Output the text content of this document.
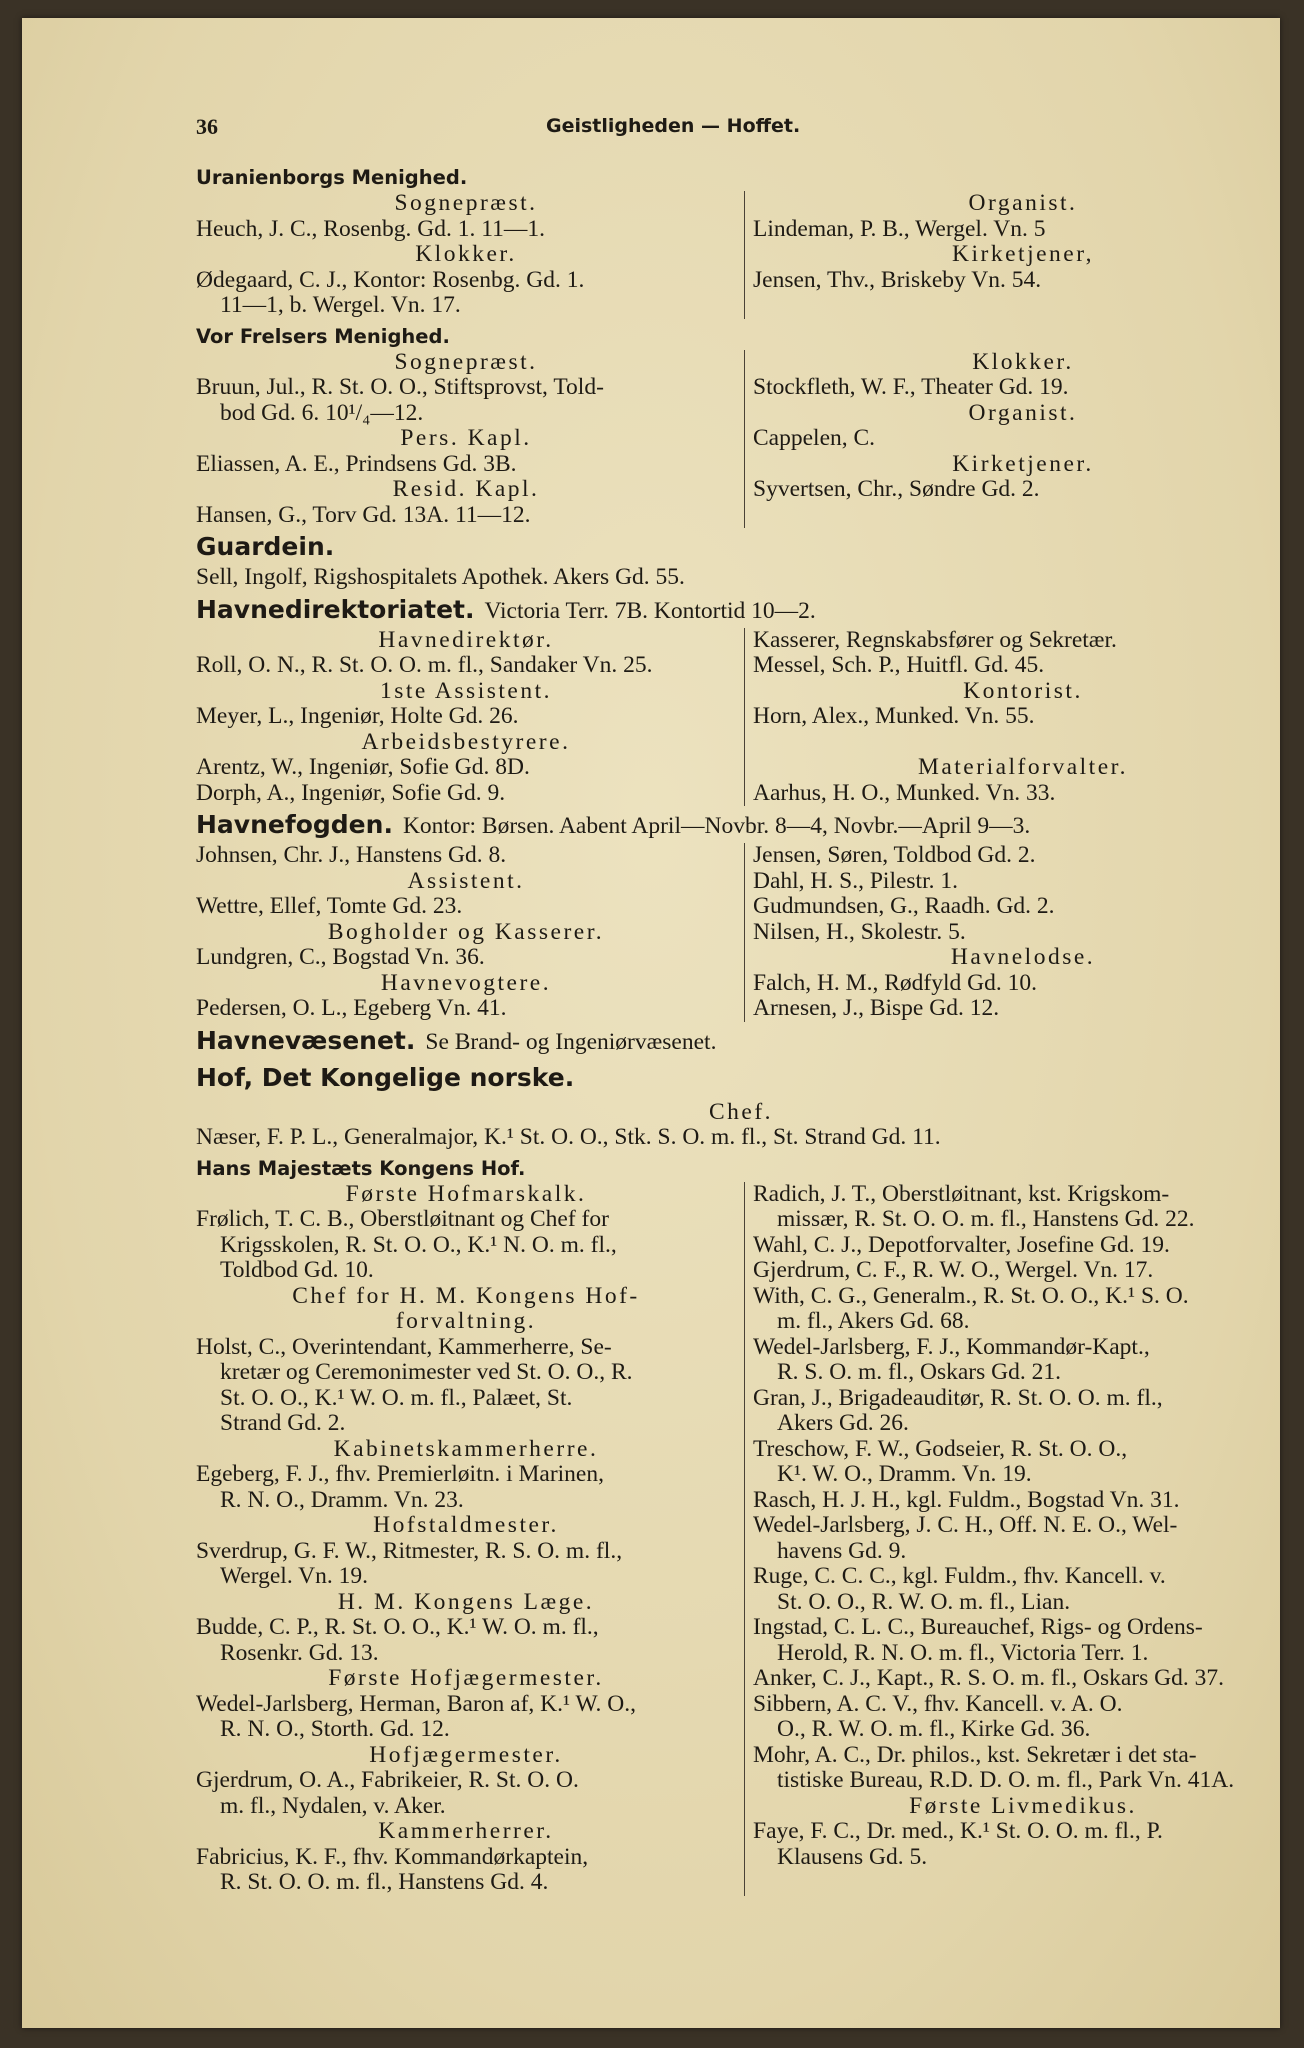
36	Geistligheden — Hoffet.
Uranienborgs Menighed.
Sognepræst.
Heuch, J. C., Rosenbg. Gd. 1. 11—1.
Klokker.
Ødegaard, C. J., Kontor: Rosenbg. Gd. 1.
11—1, b. Wergel. Vn. 17.
Organist.
Lindeman, P. B., Wergel. Vn. 5
Kirketjener,
Jensen, Thv., Briskeby Vn. 54.
Vor Frelsers Menighed.
Sognepræst.
Bruun, Jul., R. St. O. O., Stiftsprovst, Told-
bod Gd. 6. 10¹/₄—12.
Pers. Kapl.
Eliassen, A. E., Prindsens Gd. 3B.
Resid. Kapl.
Hansen, G., Torv Gd. 13A. 11—12.
Klokker.
Stockfleth, W. F., Theater Gd. 19.
Organist.
Cappelen, C.
Kirketjener.
Syvertsen, Chr., Søndre Gd. 2.
Guardein.
Sell, Ingolf, Rigshospitalets Apothek. Akers Gd. 55.
Havnedirektoriatet. Victoria Terr. 7B. Kontortid 10—2.
Havnedirektør.
Roll, O. N., R. St. O. O. m. fl., Sandaker Vn. 25.
1ste Assistent.
Meyer, L., Ingeniør, Holte Gd. 26.
Arbeidsbestyrere.
Arentz, W., Ingeniør, Sofie Gd. 8D.
Dorph, A., Ingeniør, Sofie Gd. 9.
Kasserer, Regnskabsfører og Sekretær.
Messel, Sch. P., Huitfl. Gd. 45.
Kontorist.
Horn, Alex., Munked. Vn. 55.
Materialforvalter.
Aarhus, H. O., Munked. Vn. 33.
Havnefogden. Kontor: Børsen. Aabent April—Novbr. 8—4, Novbr.—April 9—3.
Johnsen, Chr. J., Hanstens Gd. 8.
Assistent.
Wettre, Ellef, Tomte Gd. 23.
Bogholder og Kasserer.
Lundgren, C., Bogstad Vn. 36.
Havnevogtere.
Pedersen, O. L., Egeberg Vn. 41.
Jensen, Søren, Toldbod Gd. 2.
Dahl, H. S., Pilestr. 1.
Gudmundsen, G., Raadh. Gd. 2.
Nilsen, H., Skolestr. 5.
Havnelodse.
Falch, H. M., Rødfyld Gd. 10.
Arnesen, J., Bispe Gd. 12.
Havnevæsenet. Se Brand- og Ingeniørvæsenet.
Hof, Det Kongelige norske.
Chef.
Næser, F. P. L., Generalmajor, K.¹ St. O. O., Stk. S. O. m. fl., St. Strand Gd. 11.
Hans Majestæts Kongens Hof.
Første Hofmarskalk.
Frølich, T. C. B., Oberstløitnant og Chef for
Krigsskolen, R. St. O. O., K.¹ N. O. m. fl.,
Toldbod Gd. 10.
Chef for H. M. Kongens Hof-
forvaltning.
Holst, C., Overintendant, Kammerherre, Se-
kretær og Ceremonimester ved St. O. O., R.
St. O. O., K.¹ W. O. m. fl., Palæet, St.
Strand Gd. 2.
Kabinetskammerherre.
Egeberg, F. J., fhv. Premierløitn. i Marinen,
R. N. O., Dramm. Vn. 23.
Hofstaldmester.
Sverdrup, G. F. W., Ritmester, R. S. O. m. fl.,
Wergel. Vn. 19.
H. M. Kongens Læge.
Budde, C. P., R. St. O. O., K.¹ W. O. m. fl.,
Rosenkr. Gd. 13.
Første Hofjægermester.
Wedel-Jarlsberg, Herman, Baron af, K.¹ W. O.,
R. N. O., Storth. Gd. 12.
Hofjægermester.
Gjerdrum, O. A., Fabrikeier, R. St. O. O.
m. fl., Nydalen, v. Aker.
Kammerherrer.
Fabricius, K. F., fhv. Kommandørkaptein,
R. St. O. O. m. fl., Hanstens Gd. 4.
Radich, J. T., Oberstløitnant, kst. Krigskom-
missær, R. St. O. O. m. fl., Hanstens Gd. 22.
Wahl, C. J., Depotforvalter, Josefine Gd. 19.
Gjerdrum, C. F., R. W. O., Wergel. Vn. 17.
With, C. G., Generalm., R. St. O. O., K.¹ S. O.
m. fl., Akers Gd. 68.
Wedel-Jarlsberg, F. J., Kommandør-Kapt.,
R. S. O. m. fl., Oskars Gd. 21.
Gran, J., Brigadeauditør, R. St. O. O. m. fl.,
Akers Gd. 26.
Treschow, F. W., Godseier, R. St. O. O.,
K¹. W. O., Dramm. Vn. 19.
Rasch, H. J. H., kgl. Fuldm., Bogstad Vn. 31.
Wedel-Jarlsberg, J. C. H., Off. N. E. O., Wel-
havens Gd. 9.
Ruge, C. C. C., kgl. Fuldm., fhv. Kancell. v.
St. O. O., R. W. O. m. fl., Lian.
Ingstad, C. L. C., Bureauchef, Rigs- og Ordens-
Herold, R. N. O. m. fl., Victoria Terr. 1.
Anker, C. J., Kapt., R. S. O. m. fl., Oskars Gd. 37.
Sibbern, A. C. V., fhv. Kancell. v. A. O.
O., R. W. O. m. fl., Kirke Gd. 36.
Mohr, A. C., Dr. philos., kst. Sekretær i det sta-
tistiske Bureau, R.D. D. O. m. fl., Park Vn. 41A.
Første Livmedikus.
Faye, F. C., Dr. med., K.¹ St. O. O. m. fl., P.
Klausens Gd. 5.
